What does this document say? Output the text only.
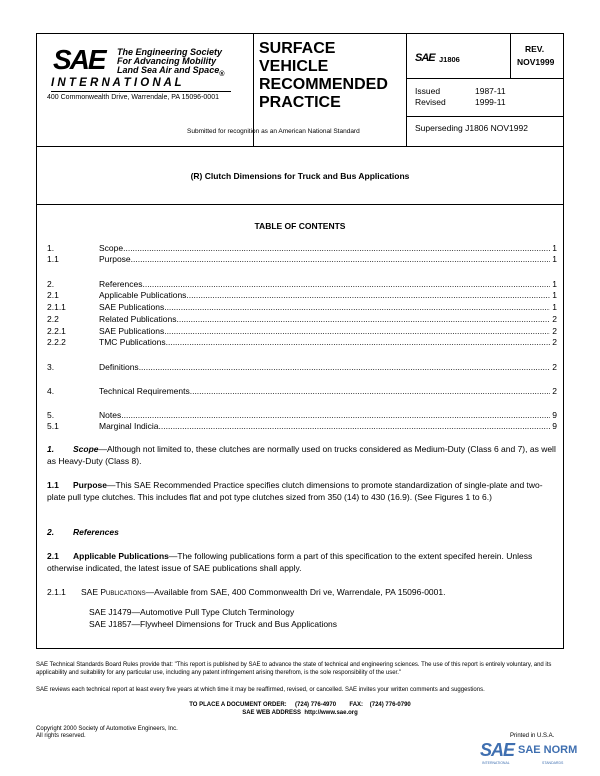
SAE The Engineering Society
For Advancing Mobility
Land Sea Air and Space$_®$
I N T E R N A T I O N A L
400 Commonwealth Drive, Warrendale, PA 15096-0001
SURFACE
VEHICLE
RECOMMENDED
PRACTICE
Submitted for recognition as an American National Standard
SAE J1806
REV.
NOV1999
Issued	1987-11
Revised	1999-11
Superseding J1806 NOV1992
(R) Clutch Dimensions for Truck and Bus Applications
TABLE OF CONTENTS
1.	Scope .....	1
1.1	Purpose .....	1
2.	References .....	1
2.1	Applicable Publications .....	1
2.1.1	SAE Publications .....	1
2.2	Related Publications .....	2
2.2.1	SAE Publications .....	2
2.2.2	TMC Publications .....	2
3.	Definitions .....	2
4.	Technical Requirements .....	2
5.	Notes .....	9
5.1	Marginal Indicia .....	9
1. Scope—Although not limited to, these clutches are normally used on trucks considered as Medium-Duty (Class 6 and 7), as well as Heavy-Duty (Class 8).
1.1 Purpose—This SAE Recommended Practice specifies clutch dimensions to promote standardization of single-plate and two-plate pull type clutches. This includes flat and pot type clutches sized from 350 (14) to 430 (16.9). (See Figures 1 to 6.)
2. References
2.1 Applicable Publications—The following publications form a part of this specification to the extent specifed herein. Unless otherwise indicated, the latest issue of SAE publications shall apply.
2.1.1 SAE Publications—Available from SAE, 400 Commonwealth Dri ve, Warrendale, PA 15096-0001.
SAE J1479—Automotive Pull Type Clutch Terminology
SAE J1857—Flywheel Dimensions for Truck and Bus Applications
SAE Technical Standards Board Rules provide that: "This report is published by SAE to advance the state of technical and engineering sciences. The use of this report is entirely voluntary, and its applicability and suitability for any particular use, including any patent infringement arising therefrom, is the sole responsibility of the user."
SAE reviews each technical report at least every five years at which time it may be reaffirmed, revised, or cancelled. SAE invites your written comments and suggestions.
TO PLACE A DOCUMENT ORDER: (724) 776-4970 FAX: (724) 776-0790
SAE WEB ADDRESS http://www.sae.org
Copyright 2000 Society of Automotive Engineers, Inc.
All rights reserved.	Printed in U.S.A.
SAE SAE NORM
INTERNATIONAL	STANDARDS
